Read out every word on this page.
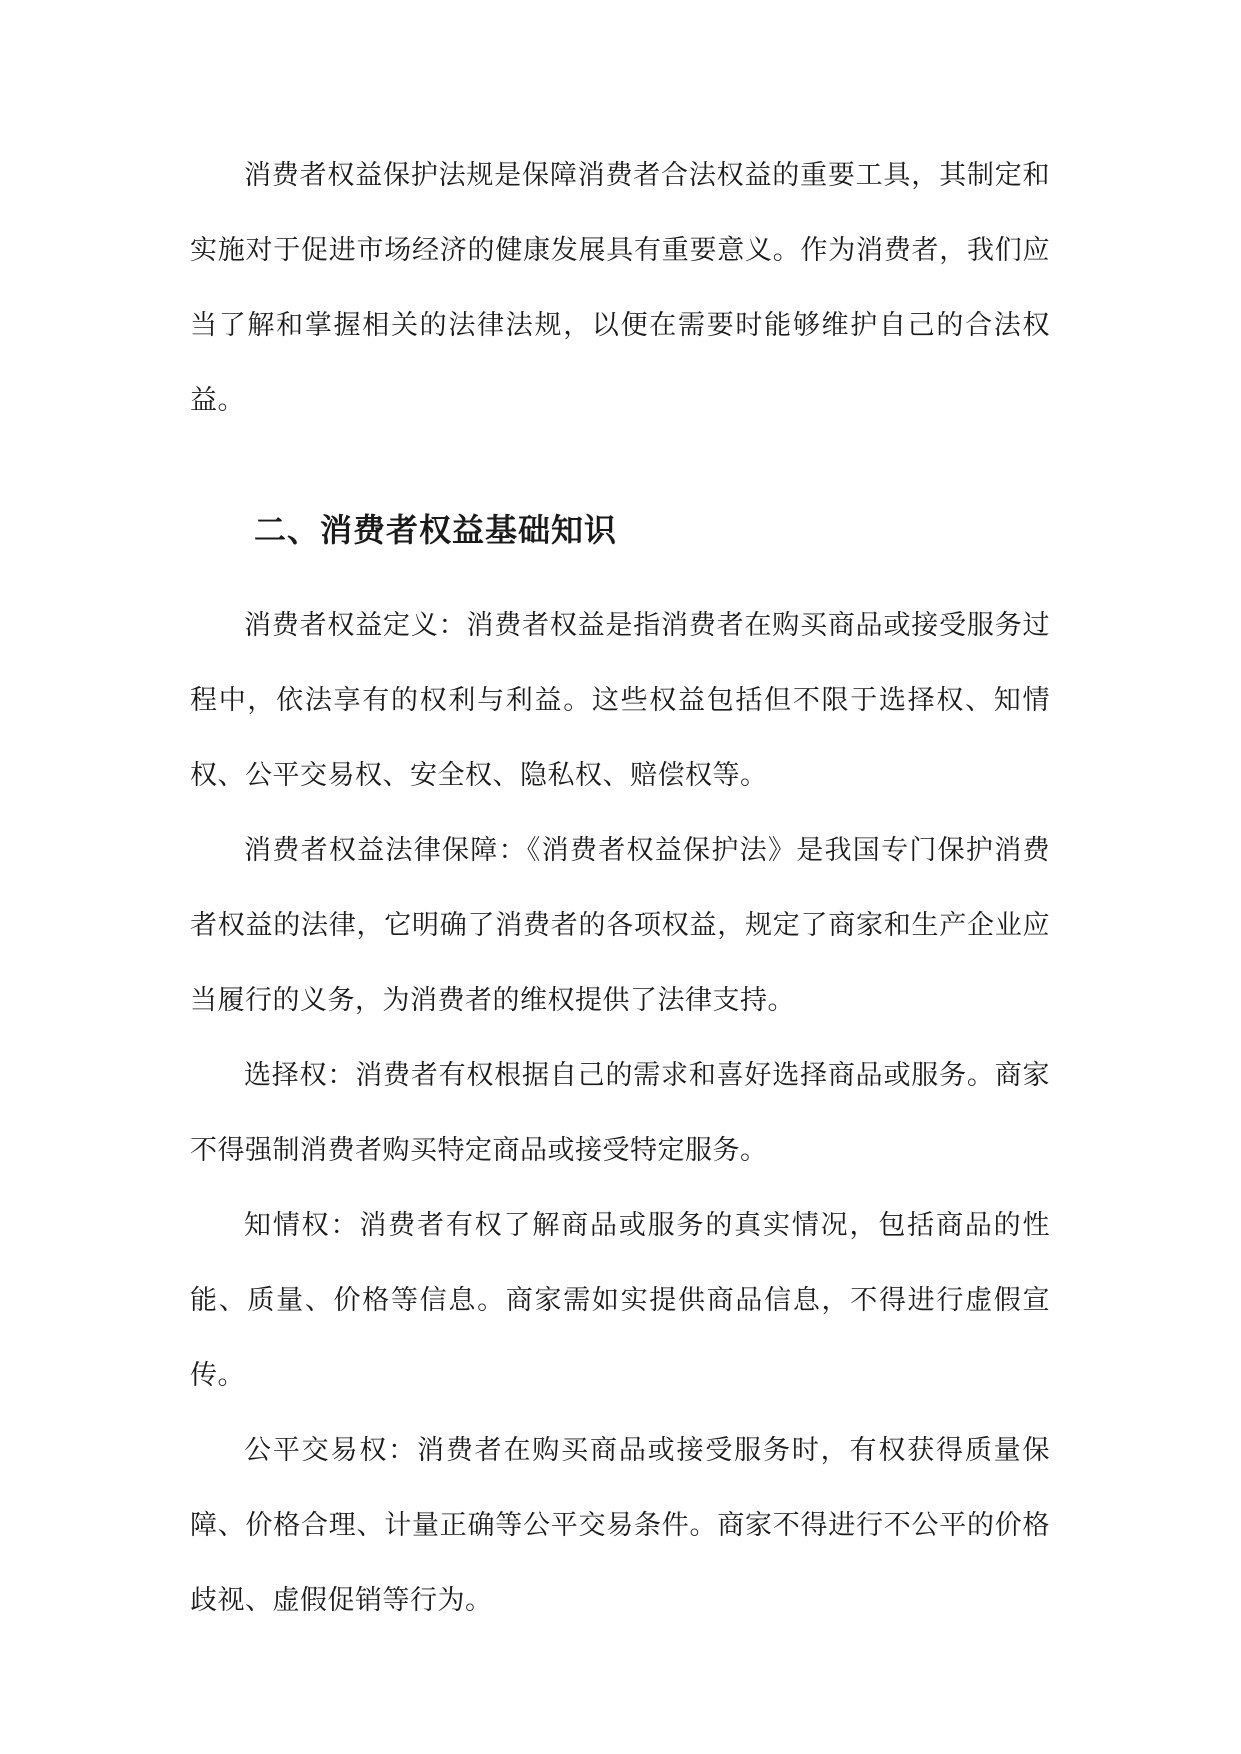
消费者权益保护法规是保障消费者合法权益的重要工具，其制定和实施对于促进市场经济的健康发展具有重要意义。作为消费者，我们应当了解和掌握相关的法律法规，以便在需要时能够维护自己的合法权益。

二、消费者权益基础知识

消费者权益定义：消费者权益是指消费者在购买商品或接受服务过程中，依法享有的权利与利益。这些权益包括但不限于选择权、知情权、公平交易权、安全权、隐私权、赔偿权等。

消费者权益法律保障：《消费者权益保护法》是我国专门保护消费者权益的法律，它明确了消费者的各项权益，规定了商家和生产企业应当履行的义务，为消费者的维权提供了法律支持。

选择权：消费者有权根据自己的需求和喜好选择商品或服务。商家不得强制消费者购买特定商品或接受特定服务。

知情权：消费者有权了解商品或服务的真实情况，包括商品的性能、质量、价格等信息。商家需如实提供商品信息，不得进行虚假宣传。

公平交易权：消费者在购买商品或接受服务时，有权获得质量保障、价格合理、计量正确等公平交易条件。商家不得进行不公平的价格歧视、虚假促销等行为。
